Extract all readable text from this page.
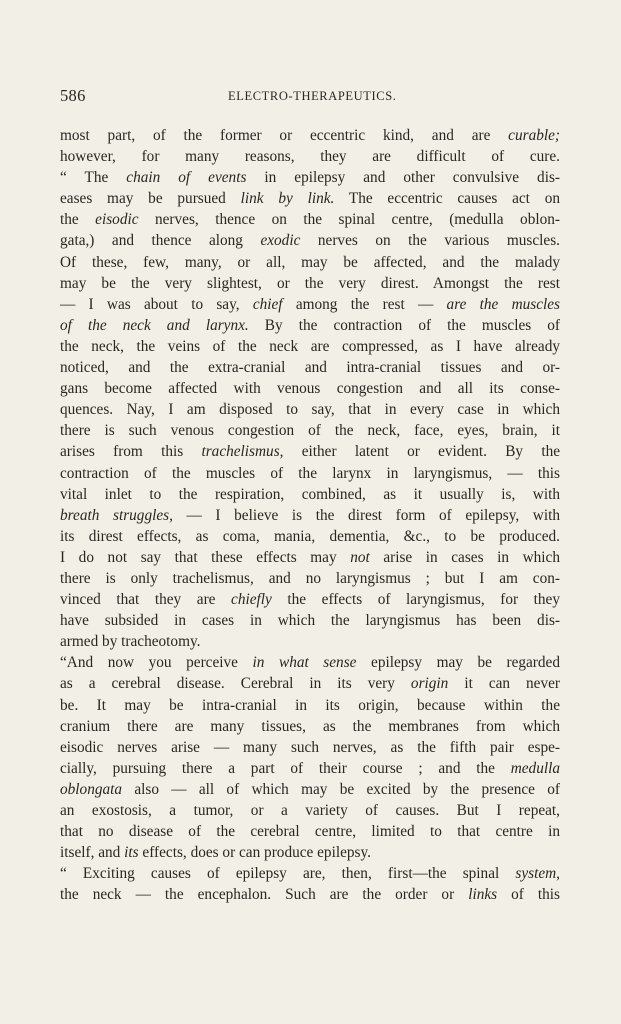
586	ELECTRO-THERAPEUTICS.
most part, of the former or eccentric kind, and are curable;
however, for many reasons, they are difficult of cure.
“ The chain of events in epilepsy and other convulsive dis-
eases may be pursued link by link. The eccentric causes act on
the eisodic nerves, thence on the spinal centre, (medulla oblon-
gata,) and thence along exodic nerves on the various muscles.
Of these, few, many, or all, may be affected, and the malady
may be the very slightest, or the very direst. Amongst the rest
— I was about to say, chief among the rest — are the muscles
of the neck and larynx. By the contraction of the muscles of
the neck, the veins of the neck are compressed, as I have already
noticed, and the extra-cranial and intra-cranial tissues and or-
gans become affected with venous congestion and all its conse-
quences. Nay, I am disposed to say, that in every case in which
there is such venous congestion of the neck, face, eyes, brain, it
arises from this trachelismus, either latent or evident. By the
contraction of the muscles of the larynx in laryngismus, — this
vital inlet to the respiration, combined, as it usually is, with
breath struggles, — I believe is the direst form of epilepsy, with
its direst effects, as coma, mania, dementia, &c., to be produced.
I do not say that these effects may not arise in cases in which
there is only trachelismus, and no laryngismus ; but I am con-
vinced that they are chiefly the effects of laryngismus, for they
have subsided in cases in which the laryngismus has been dis-
armed by tracheotomy.
“And now you perceive in what sense epilepsy may be regarded
as a cerebral disease. Cerebral in its very origin it can never
be. It may be intra-cranial in its origin, because within the
cranium there are many tissues, as the membranes from which
eisodic nerves arise — many such nerves, as the fifth pair espe-
cially, pursuing there a part of their course ; and the medulla
oblongata also — all of which may be excited by the presence of
an exostosis, a tumor, or a variety of causes. But I repeat,
that no disease of the cerebral centre, limited to that centre in
itself, and its effects, does or can produce epilepsy.
“ Exciting causes of epilepsy are, then, first—the spinal system,
the neck — the encephalon. Such are the order or links of this
